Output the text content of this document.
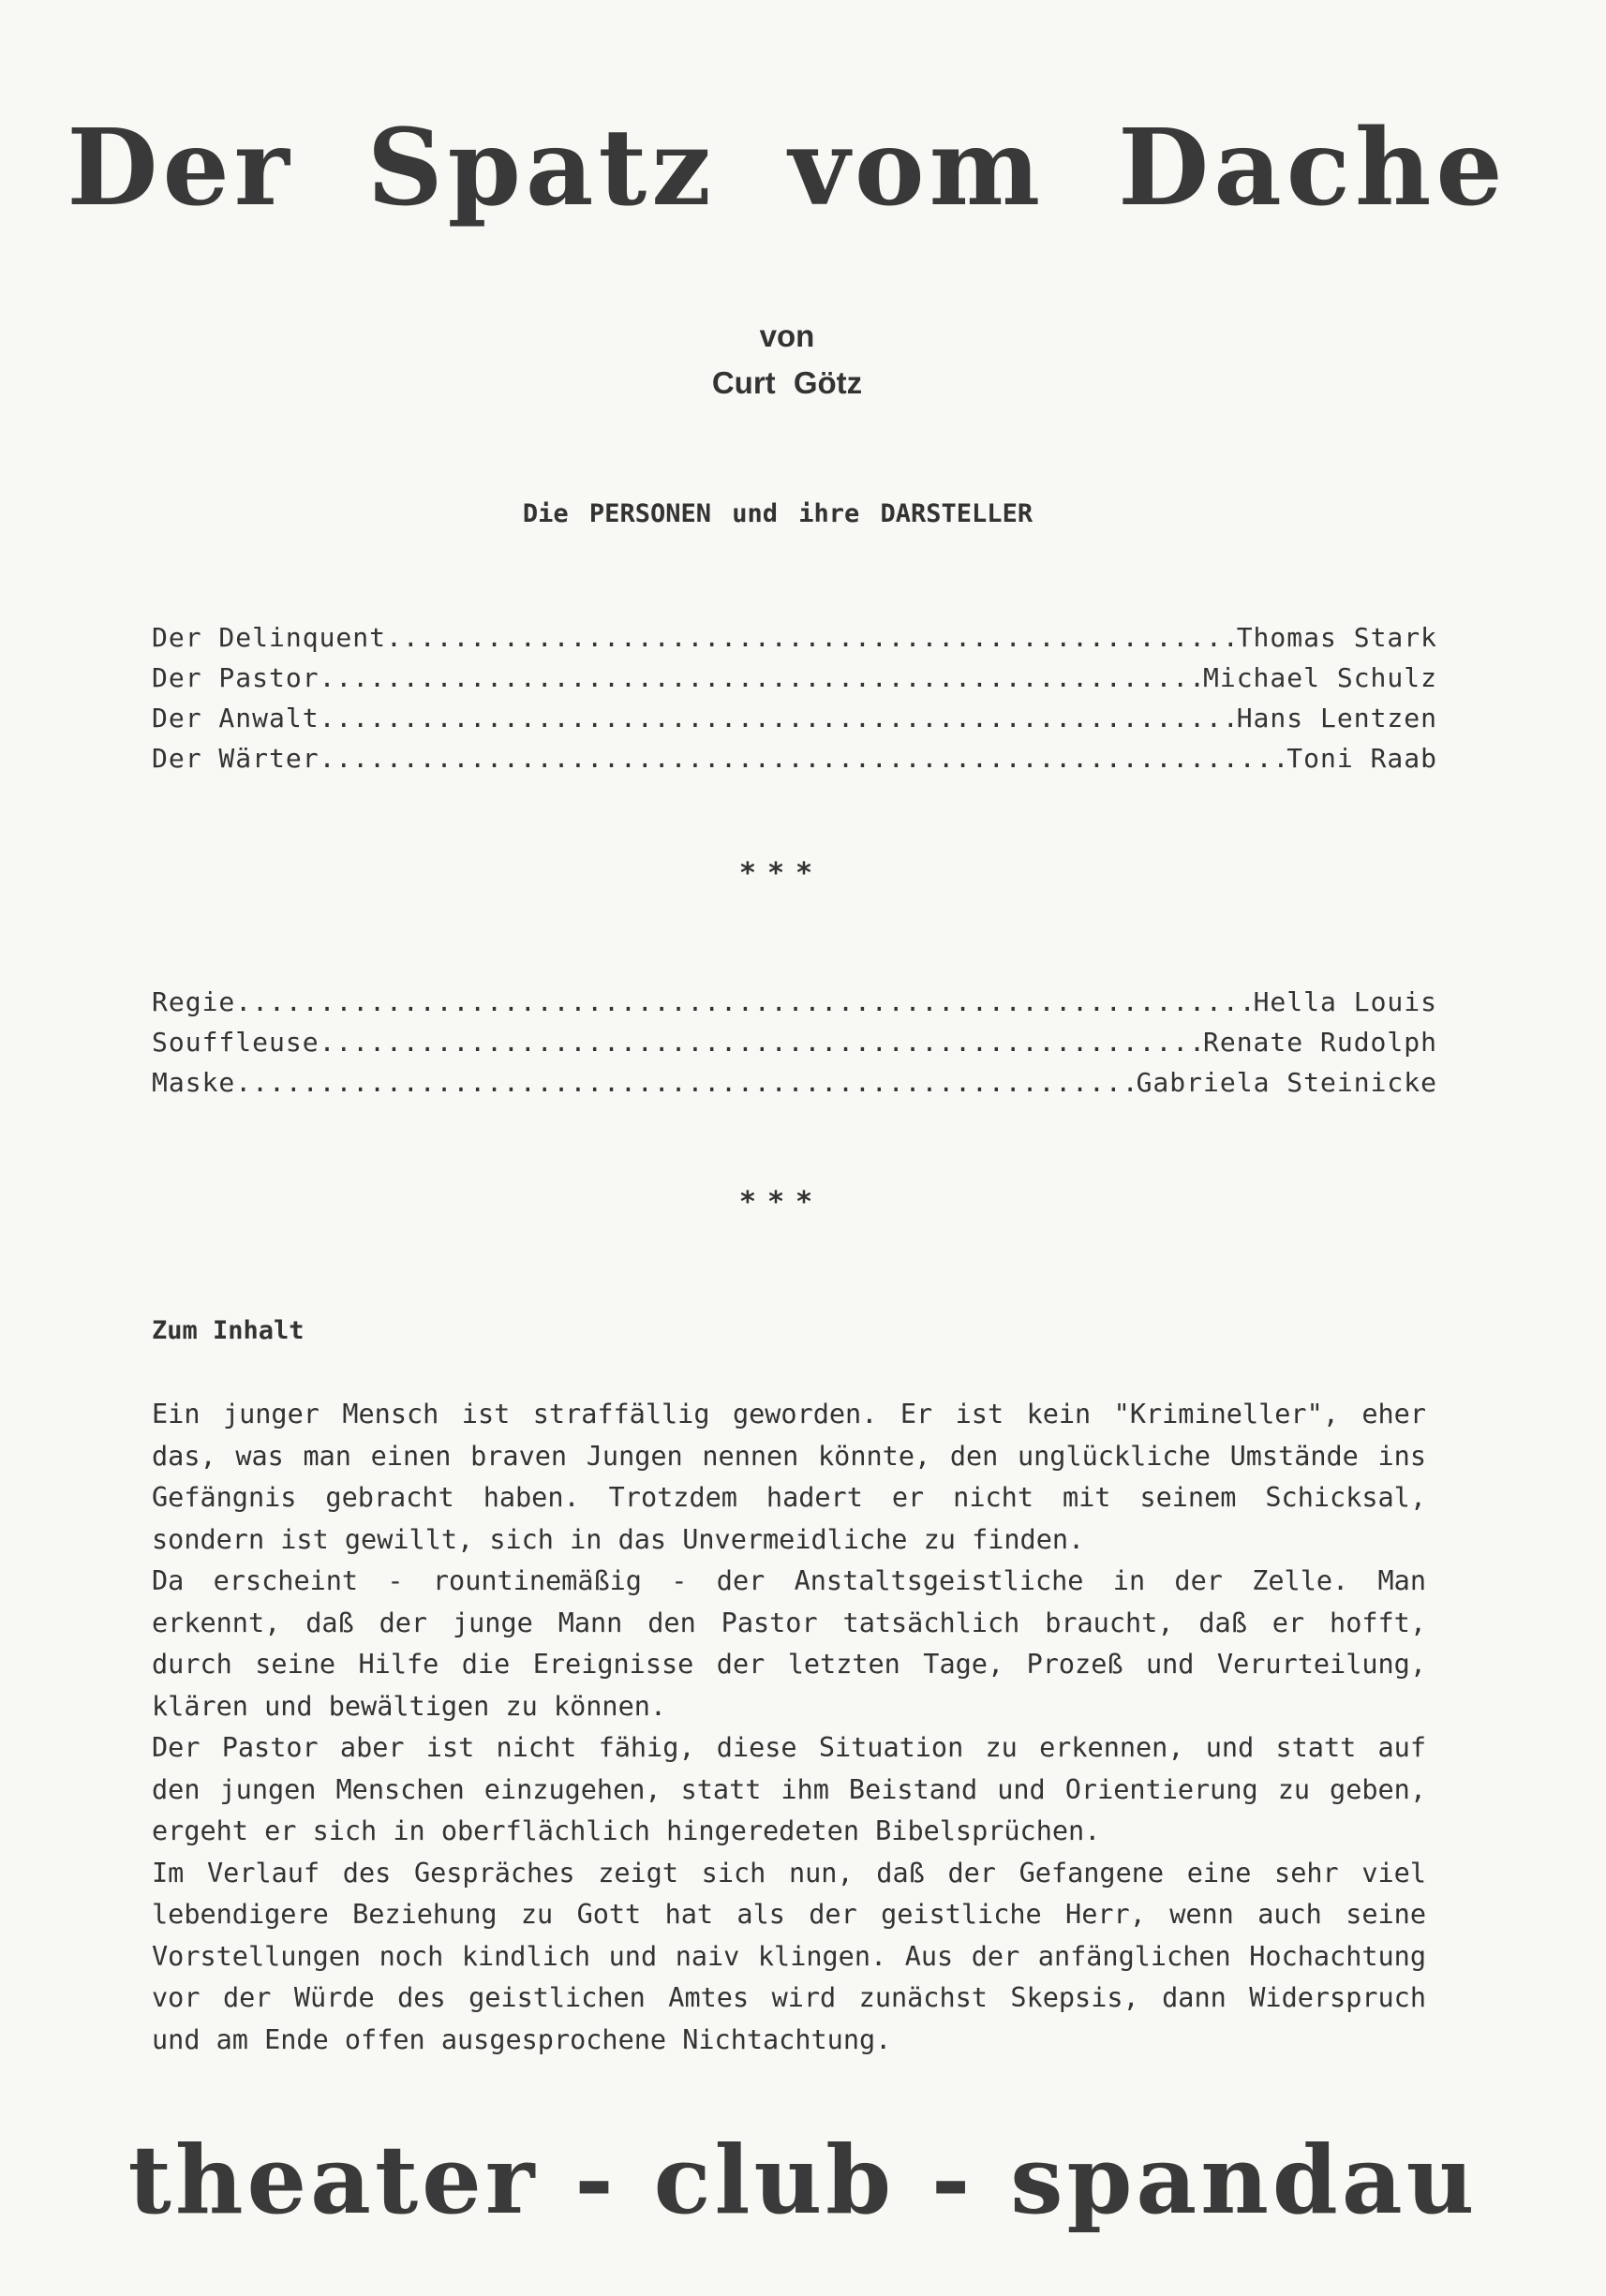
Der Spatz vom Dache
von
Curt Götz
Die PERSONEN und ihre DARSTELLER
Der Delinquent .....	Thomas Stark
Der Pastor .....	Michael Schulz
Der Anwalt .....	Hans Lentzen
Der Wärter .....	Toni Raab
***
Regie .....	Hella Louis
Souffleuse .....	Renate Rudolph
Maske .....	Gabriela Steinicke
***
Zum Inhalt
Ein junger Mensch ist straffällig geworden. Er ist kein "Krimineller", eher
das, was man einen braven Jungen nennen könnte, den unglückliche Umstände ins
Gefängnis gebracht haben. Trotzdem hadert er nicht mit seinem Schicksal,
sondern ist gewillt, sich in das Unvermeidliche zu finden.
Da erscheint - rountinemäßig - der Anstaltsgeistliche in der Zelle. Man
erkennt, daß der junge Mann den Pastor tatsächlich braucht, daß er hofft,
durch seine Hilfe die Ereignisse der letzten Tage, Prozeß und Verurteilung,
klären und bewältigen zu können.
Der Pastor aber ist nicht fähig, diese Situation zu erkennen, und statt auf
den jungen Menschen einzugehen, statt ihm Beistand und Orientierung zu geben,
ergeht er sich in oberflächlich hingeredeten Bibelsprüchen.
Im Verlauf des Gespräches zeigt sich nun, daß der Gefangene eine sehr viel
lebendigere Beziehung zu Gott hat als der geistliche Herr, wenn auch seine
Vorstellungen noch kindlich und naiv klingen. Aus der anfänglichen Hochachtung
vor der Würde des geistlichen Amtes wird zunächst Skepsis, dann Widerspruch
und am Ende offen ausgesprochene Nichtachtung.
theater - club - spandau
